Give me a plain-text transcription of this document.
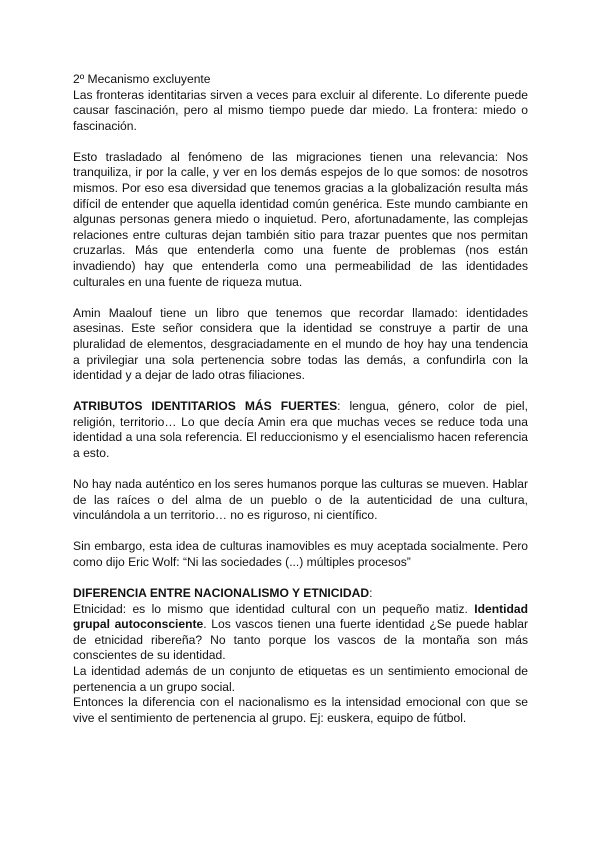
2º Mecanismo excluyente

Las fronteras identitarias sirven a veces para excluir al diferente. Lo diferente puede causar fascinación, pero al mismo tiempo puede dar miedo. La frontera: miedo o fascinación.

Esto trasladado al fenómeno de las migraciones tienen una relevancia: Nos tranquiliza, ir por la calle, y ver en los demás espejos de lo que somos: de nosotros mismos. Por eso esa diversidad que tenemos gracias a la globalización resulta más difícil de entender que aquella identidad común genérica. Este mundo cambiante en algunas personas genera miedo o inquietud. Pero, afortunadamente, las complejas relaciones entre culturas dejan también sitio para trazar puentes que nos permitan cruzarlas. Más que entenderla como una fuente de problemas (nos están invadiendo) hay que entenderla como una permeabilidad de las identidades culturales en una fuente de riqueza mutua.

Amin Maalouf tiene un libro que tenemos que recordar llamado: identidades asesinas. Este señor considera que la identidad se construye a partir de una pluralidad de elementos, desgraciadamente en el mundo de hoy hay una tendencia a privilegiar una sola pertenencia sobre todas las demás, a confundirla con la identidad y a dejar de lado otras filiaciones.

ATRIBUTOS IDENTITARIOS MÁS FUERTES: lengua, género, color de piel, religión, territorio… Lo que decía Amin era que muchas veces se reduce toda una identidad a una sola referencia. El reduccionismo y el esencialismo hacen referencia a esto.

No hay nada auténtico en los seres humanos porque las culturas se mueven. Hablar de las raíces o del alma de un pueblo o de la autenticidad de una cultura, vinculándola a un territorio… no es riguroso, ni científico.

Sin embargo, esta idea de culturas inamovibles es muy aceptada socialmente. Pero como dijo Eric Wolf: “Ni las sociedades (...) múltiples procesos”

DIFERENCIA ENTRE NACIONALISMO Y ETNICIDAD:

Etnicidad: es lo mismo que identidad cultural con un pequeño matiz. Identidad grupal autoconsciente. Los vascos tienen una fuerte identidad ¿Se puede hablar de etnicidad ribereña? No tanto porque los vascos de la montaña son más conscientes de su identidad.

La identidad además de un conjunto de etiquetas es un sentimiento emocional de pertenencia a un grupo social.

Entonces la diferencia con el nacionalismo es la intensidad emocional con que se vive el sentimiento de pertenencia al grupo. Ej: euskera, equipo de fútbol.
